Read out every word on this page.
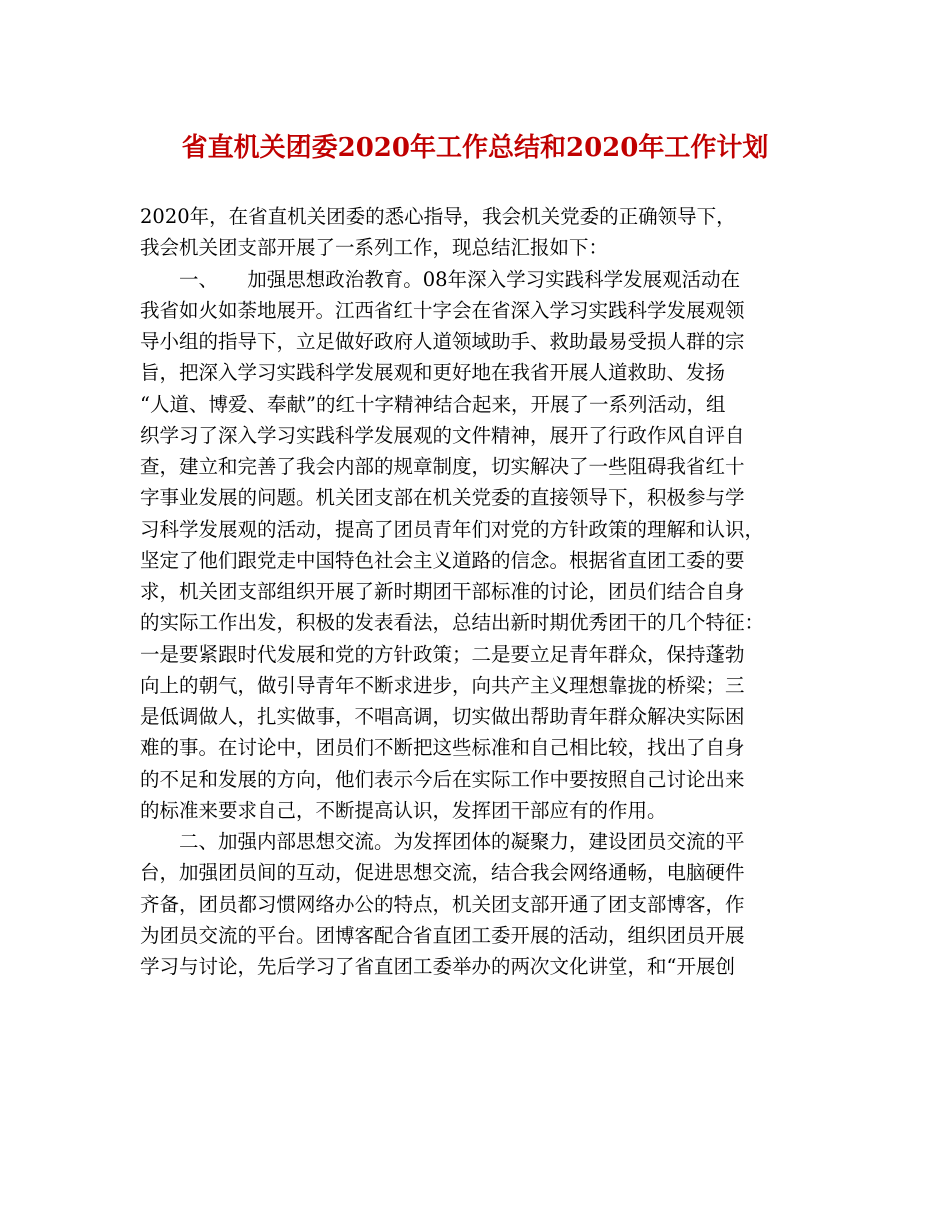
省直机关团委2020年工作总结和2020年工作计划
2020年，在省直机关团委的悉心指导，我会机关党委的正确领导下，
我会机关团支部开展了一系列工作，现总结汇报如下：
　　一、　　加强思想政治教育。08年深入学习实践科学发展观活动在
我省如火如荼地展开。江西省红十字会在省深入学习实践科学发展观领
导小组的指导下，立足做好政府人道领域助手、救助最易受损人群的宗
旨，把深入学习实践科学发展观和更好地在我省开展人道救助、发扬
“人道、博爱、奉献”的红十字精神结合起来，开展了一系列活动，组
织学习了深入学习实践科学发展观的文件精神，展开了行政作风自评自
查，建立和完善了我会内部的规章制度，切实解决了一些阻碍我省红十
字事业发展的问题。机关团支部在机关党委的直接领导下，积极参与学
习科学发展观的活动，提高了团员青年们对党的方针政策的理解和认识，
坚定了他们跟党走中国特色社会主义道路的信念。根据省直团工委的要
求，机关团支部组织开展了新时期团干部标准的讨论，团员们结合自身
的实际工作出发，积极的发表看法，总结出新时期优秀团干的几个特征：
一是要紧跟时代发展和党的方针政策；二是要立足青年群众，保持蓬勃
向上的朝气，做引导青年不断求进步，向共产主义理想靠拢的桥梁；三
是低调做人，扎实做事，不唱高调，切实做出帮助青年群众解决实际困
难的事。在讨论中，团员们不断把这些标准和自己相比较，找出了自身
的不足和发展的方向，他们表示今后在实际工作中要按照自己讨论出来
的标准来要求自己，不断提高认识，发挥团干部应有的作用。
　　二、加强内部思想交流。为发挥团体的凝聚力，建设团员交流的平
台，加强团员间的互动，促进思想交流，结合我会网络通畅，电脑硬件
齐备，团员都习惯网络办公的特点，机关团支部开通了团支部博客，作
为团员交流的平台。团博客配合省直团工委开展的活动，组织团员开展
学习与讨论，先后学习了省直团工委举办的两次文化讲堂，和“开展创
